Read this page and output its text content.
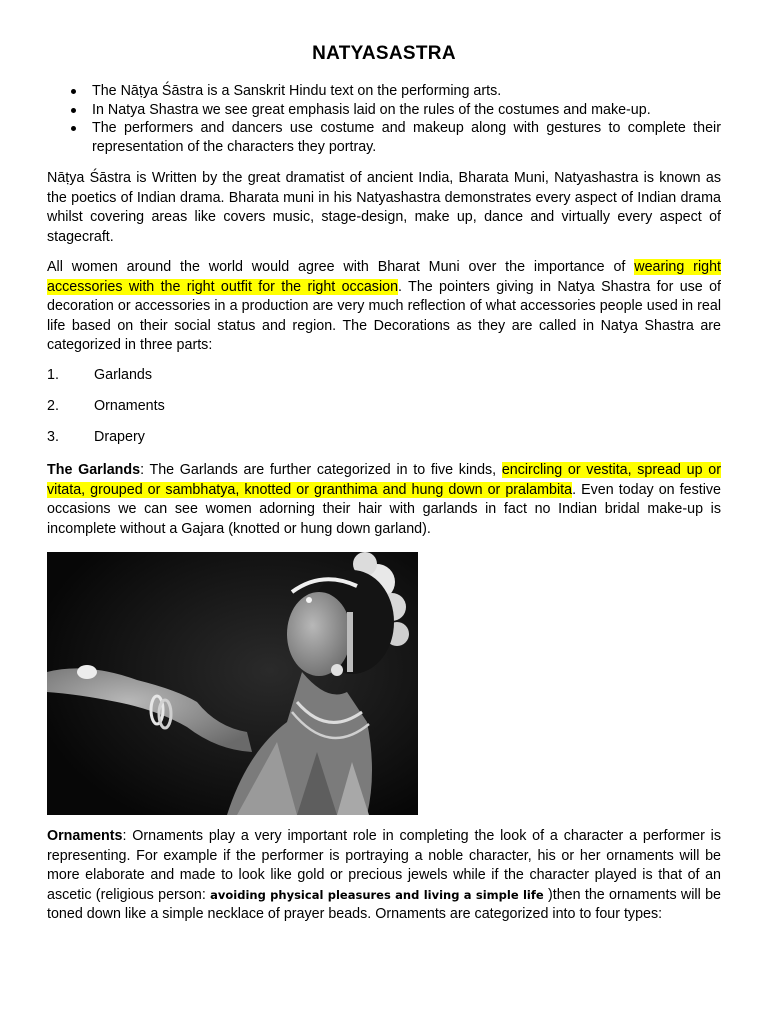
NATYASASTRA
The Nāṭya Śāstra is a Sanskrit Hindu text on the performing arts.
In Natya Shastra we see great emphasis laid on the rules of the costumes and make-up.
The performers and dancers use costume and makeup along with gestures to complete their representation of the characters they portray.

Nāṭya Śāstra is Written by the great dramatist of ancient India, Bharata Muni, Natyashastra is known as the poetics of Indian drama. Bharata muni in his Natyashastra demonstrates every aspect of Indian drama whilst covering areas like covers music, stage-design, make up, dance and virtually every aspect of stagecraft.

All women around the world would agree with Bharat Muni over the importance of wearing right accessories with the right outfit for the right occasion. The pointers giving in Natya Shastra for use of decoration or accessories in a production are very much reflection of what accessories people used in real life based on their social status and region. The Decorations as they are called in Natya Shastra are categorized in three parts:

1. Garlands
2. Ornaments
3. Drapery

The Garlands: The Garlands are further categorized in to five kinds, encircling or vestita, spread up or vitata, grouped or sambhatya, knotted or granthima and hung down or pralambita. Even today on festive occasions we can see women adorning their hair with garlands in fact no Indian bridal make-up is incomplete without a Gajara (knotted or hung down garland).

Ornaments: Ornaments play a very important role in completing the look of a character a performer is representing. For example if the performer is portraying a noble character, his or her ornaments will be more elaborate and made to look like gold or precious jewels while if the character played is that of an ascetic (religious person: avoiding physical pleasures and living a simple life )then the ornaments will be toned down like a simple necklace of prayer beads. Ornaments are categorized into to four types:
